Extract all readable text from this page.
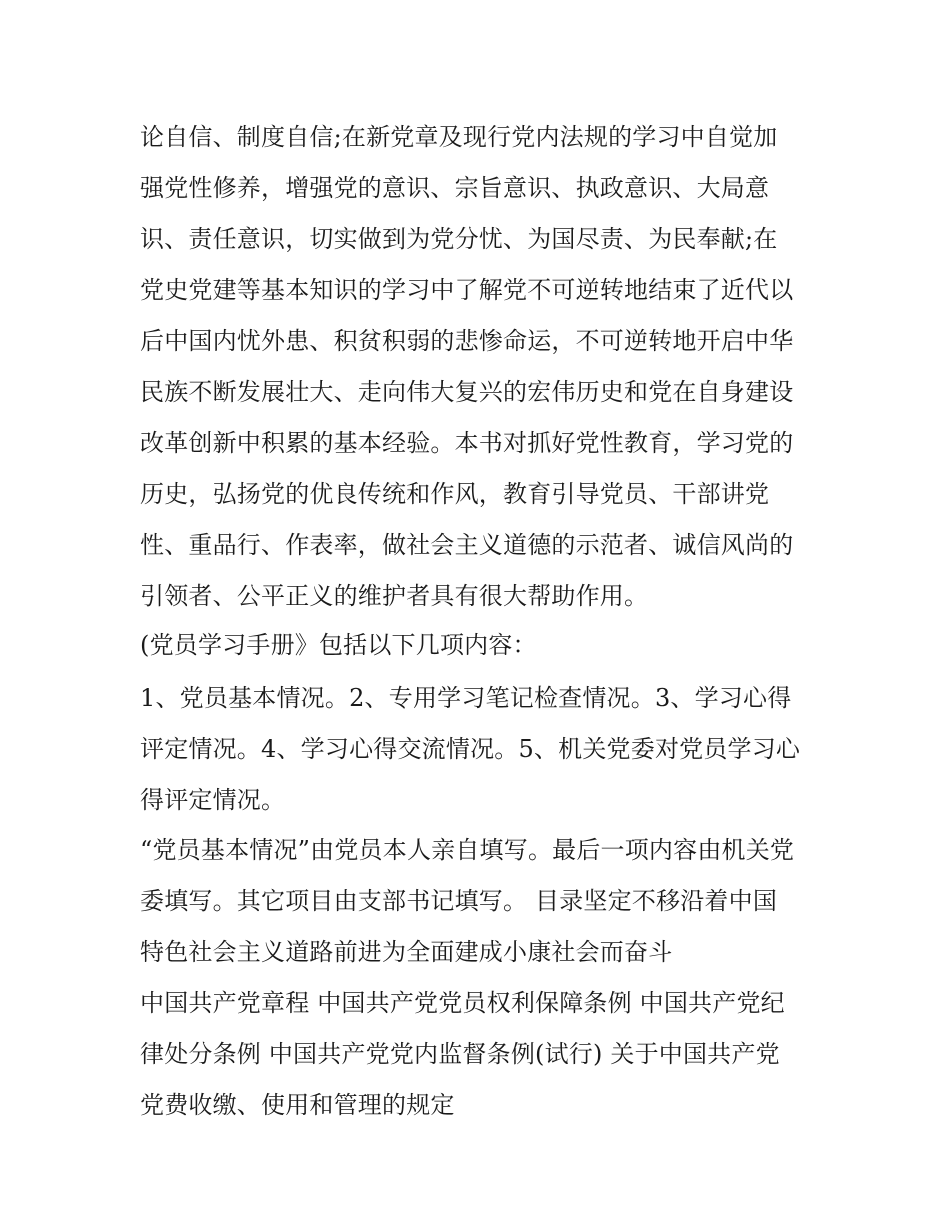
论自信、制度自信;在新党章及现行党内法规的学习中自觉加
强党性修养，增强党的意识、宗旨意识、执政意识、大局意
识、责任意识，切实做到为党分忧、为国尽责、为民奉献;在
党史党建等基本知识的学习中了解党不可逆转地结束了近代以
后中国内忧外患、积贫积弱的悲惨命运，不可逆转地开启中华
民族不断发展壮大、走向伟大复兴的宏伟历史和党在自身建设
改革创新中积累的基本经验。本书对抓好党性教育，学习党的
历史，弘扬党的优良传统和作风，教育引导党员、干部讲党
性、重品行、作表率，做社会主义道德的示范者、诚信风尚的
引领者、公平正义的维护者具有很大帮助作用。
(党员学习手册》包括以下几项内容：
1、党员基本情况。2、专用学习笔记检查情况。3、学习心得
评定情况。4、学习心得交流情况。5、机关党委对党员学习心
得评定情况。
“党员基本情况”由党员本人亲自填写。最后一项内容由机关党
委填写。其它项目由支部书记填写。 目录坚定不移沿着中国
特色社会主义道路前进为全面建成小康社会而奋斗
中国共产党章程 中国共产党党员权利保障条例 中国共产党纪
律处分条例 中国共产党党内监督条例(试行) 关于中国共产党
党费收缴、使用和管理的规定
